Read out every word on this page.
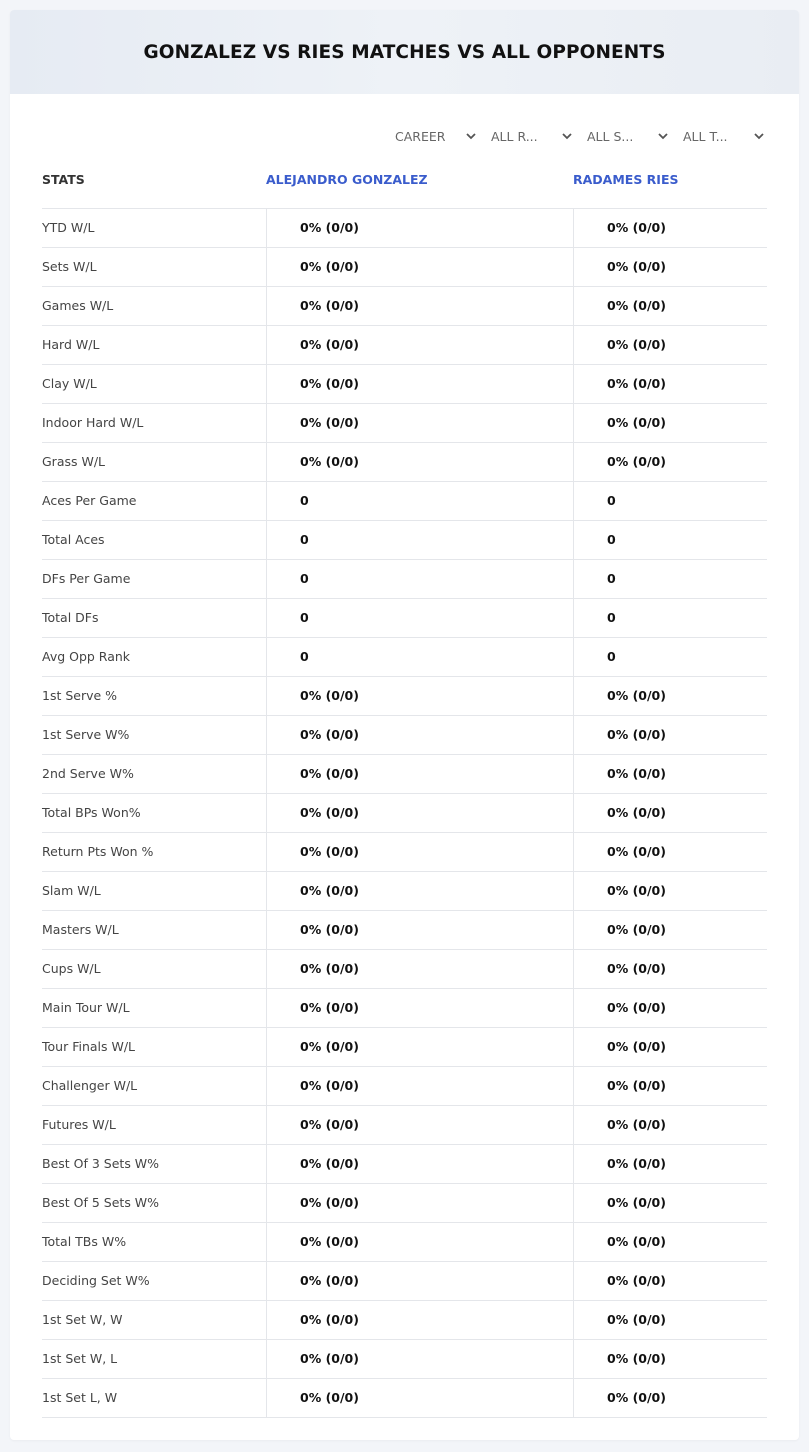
GONZALEZ VS RIES MATCHES VS ALL OPPONENTS
CAREER	ALL R...	ALL S...	ALL T...
STATS	ALEJANDRO GONZALEZ	RADAMES RIES
YTD W/L	0% (0/0)	0% (0/0)
Sets W/L	0% (0/0)	0% (0/0)
Games W/L	0% (0/0)	0% (0/0)
Hard W/L	0% (0/0)	0% (0/0)
Clay W/L	0% (0/0)	0% (0/0)
Indoor Hard W/L	0% (0/0)	0% (0/0)
Grass W/L	0% (0/0)	0% (0/0)
Aces Per Game	0	0
Total Aces	0	0
DFs Per Game	0	0
Total DFs	0	0
Avg Opp Rank	0	0
1st Serve %	0% (0/0)	0% (0/0)
1st Serve W%	0% (0/0)	0% (0/0)
2nd Serve W%	0% (0/0)	0% (0/0)
Total BPs Won%	0% (0/0)	0% (0/0)
Return Pts Won %	0% (0/0)	0% (0/0)
Slam W/L	0% (0/0)	0% (0/0)
Masters W/L	0% (0/0)	0% (0/0)
Cups W/L	0% (0/0)	0% (0/0)
Main Tour W/L	0% (0/0)	0% (0/0)
Tour Finals W/L	0% (0/0)	0% (0/0)
Challenger W/L	0% (0/0)	0% (0/0)
Futures W/L	0% (0/0)	0% (0/0)
Best Of 3 Sets W%	0% (0/0)	0% (0/0)
Best Of 5 Sets W%	0% (0/0)	0% (0/0)
Total TBs W%	0% (0/0)	0% (0/0)
Deciding Set W%	0% (0/0)	0% (0/0)
1st Set W, W	0% (0/0)	0% (0/0)
1st Set W, L	0% (0/0)	0% (0/0)
1st Set L, W	0% (0/0)	0% (0/0)
